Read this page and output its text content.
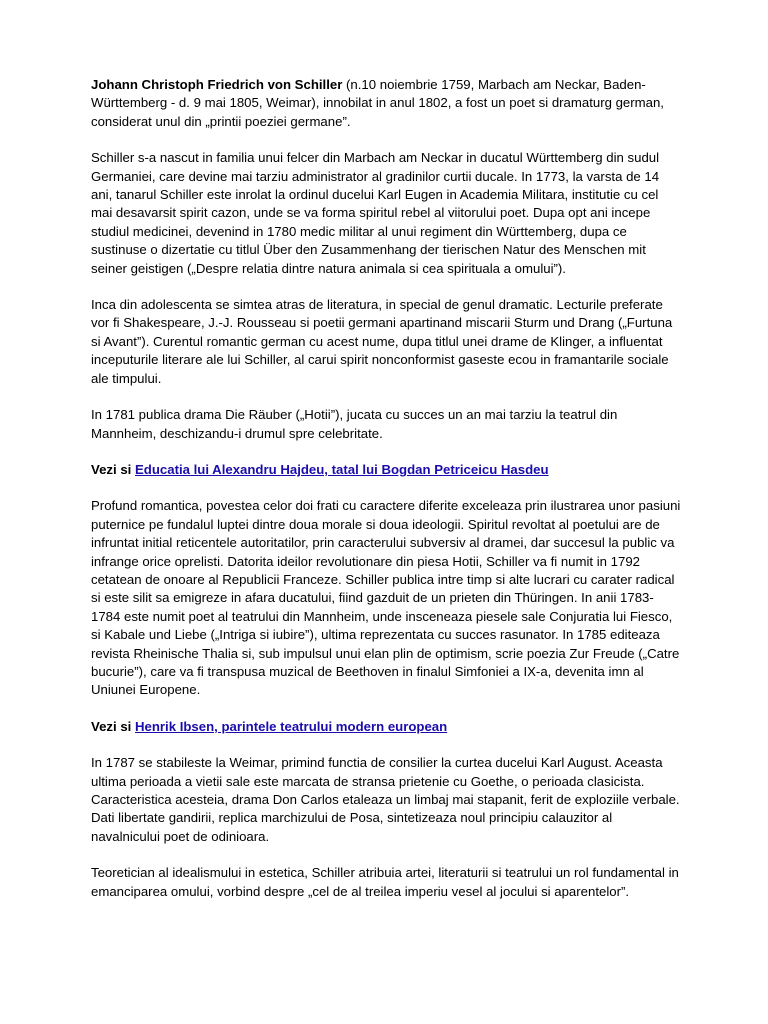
Johann Christoph Friedrich von Schiller (n.10 noiembrie 1759, Marbach am Neckar, Baden-Württemberg - d. 9 mai 1805, Weimar), innobilat in anul 1802, a fost un poet si dramaturg german, considerat unul din „printii poeziei germane”.

Schiller s-a nascut in familia unui felcer din Marbach am Neckar in ducatul Württemberg din sudul Germaniei, care devine mai tarziu administrator al gradinilor curtii ducale. In 1773, la varsta de 14 ani, tanarul Schiller este inrolat la ordinul ducelui Karl Eugen in Academia Militara, institutie cu cel mai desavarsit spirit cazon, unde se va forma spiritul rebel al viitorului poet. Dupa opt ani incepe studiul medicinei, devenind in 1780 medic militar al unui regiment din Württemberg, dupa ce sustinuse o dizertatie cu titlul Über den Zusammenhang der tierischen Natur des Menschen mit seiner geistigen („Despre relatia dintre natura animala si cea spirituala a omului”).

Inca din adolescenta se simtea atras de literatura, in special de genul dramatic. Lecturile preferate vor fi Shakespeare, J.-J. Rousseau si poetii germani apartinand miscarii Sturm und Drang („Furtuna si Avant”). Curentul romantic german cu acest nume, dupa titlul unei drame de Klinger, a influentat inceputurile literare ale lui Schiller, al carui spirit nonconformist gaseste ecou in framantarile sociale ale timpului.

In 1781 publica drama Die Räuber („Hotii”), jucata cu succes un an mai tarziu la teatrul din Mannheim, deschizandu-i drumul spre celebritate.

Vezi si Educatia lui Alexandru Hajdeu, tatal lui Bogdan Petriceicu Hasdeu

Profund romantica, povestea celor doi frati cu caractere diferite exceleaza prin ilustrarea unor pasiuni puternice pe fundalul luptei dintre doua morale si doua ideologii. Spiritul revoltat al poetului are de infruntat initial reticentele autoritatilor, prin caracterului subversiv al dramei, dar succesul la public va infrange orice oprelisti. Datorita ideilor revolutionare din piesa Hotii, Schiller va fi numit in 1792 cetatean de onoare al Republicii Franceze. Schiller publica intre timp si alte lucrari cu carater radical si este silit sa emigreze in afara ducatului, fiind gazduit de un prieten din Thüringen. In anii 1783-1784 este numit poet al teatrului din Mannheim, unde insceneaza piesele sale Conjuratia lui Fiesco, si Kabale und Liebe („Intriga si iubire”), ultima reprezentata cu succes rasunator. In 1785 editeaza revista Rheinische Thalia si, sub impulsul unui elan plin de optimism, scrie poezia Zur Freude („Catre bucurie”), care va fi transpusa muzical de Beethoven in finalul Simfoniei a IX-a, devenita imn al Uniunei Europene.

Vezi si Henrik Ibsen, parintele teatrului modern european

In 1787 se stabileste la Weimar, primind functia de consilier la curtea ducelui Karl August. Aceasta ultima perioada a vietii sale este marcata de stransa prietenie cu Goethe, o perioada clasicista. Caracteristica acesteia, drama Don Carlos etaleaza un limbaj mai stapanit, ferit de exploziile verbale. Dati libertate gandirii, replica marchizului de Posa, sintetizeaza noul principiu calauzitor al navalnicului poet de odinioara.

Teoretician al idealismului in estetica, Schiller atribuia artei, literaturii si teatrului un rol fundamental in emanciparea omului, vorbind despre „cel de al treilea imperiu vesel al jocului si aparentelor”.
